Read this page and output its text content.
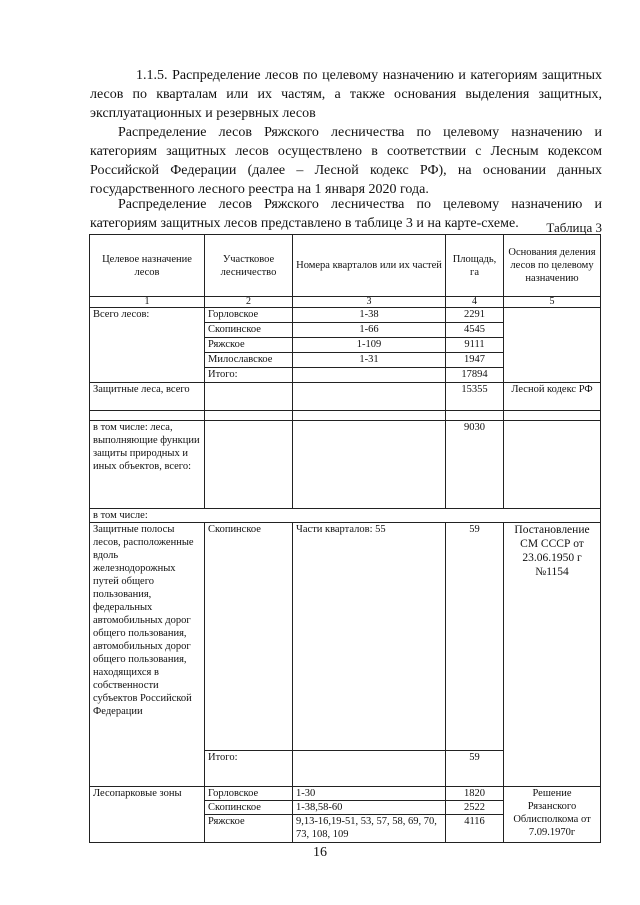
1.1.5. Распределение лесов по целевому назначению и категориям защитных лесов по кварталам или их частям, а также основания выделения защитных, эксплуатационных и резервных лесов
Распределение лесов Ряжского лесничества по целевому назначению и категориям защитных лесов осуществлено в соответствии с Лесным кодексом Российской Федерации (далее – Лесной кодекс РФ), на основании данных государственного лесного реестра на 1 января 2020 года.
Распределение лесов Ряжского лесничества по целевому назначению и категориям защитных лесов представлено в таблице 3 и на карте-схеме.	Таблица 3
Целевое назначение лесов	Участковое лесничество	Номера кварталов или их частей	Площадь, га	Основания деления лесов по целевому назначению
1	2	3	4	5
Всего лесов:	Горловское	1-38	2291	
	Скопинское	1-66	4545	
	Ряжское	1-109	9111	
	Милославское	1-31	1947	
	Итого:		17894	
Защитные леса, всего			15355	Лесной кодекс РФ

в том числе: леса, выполняющие функции защиты природных и иных объектов, всего:			9030	
в том числе:				
Защитные полосы лесов, расположенные вдоль железнодорожных путей общего пользования, федеральных автомобильных дорог общего пользования, автомобильных дорог общего пользования, находящихся в собственности субъектов Российской Федерации	Скопинское	Части кварталов: 55	59	Постановление СМ СССР от 23.06.1950 г №1154
	Итого:		59	
Лесопарковые зоны	Горловское	1-30	1820	Решение Рязанского Облисполкома от 7.09.1970г
	Скопинское	1-38,58-60	2522	
	Ряжское	9,13-16,19-51, 53, 57, 58, 69, 70, 73, 108, 109	4116	
16
